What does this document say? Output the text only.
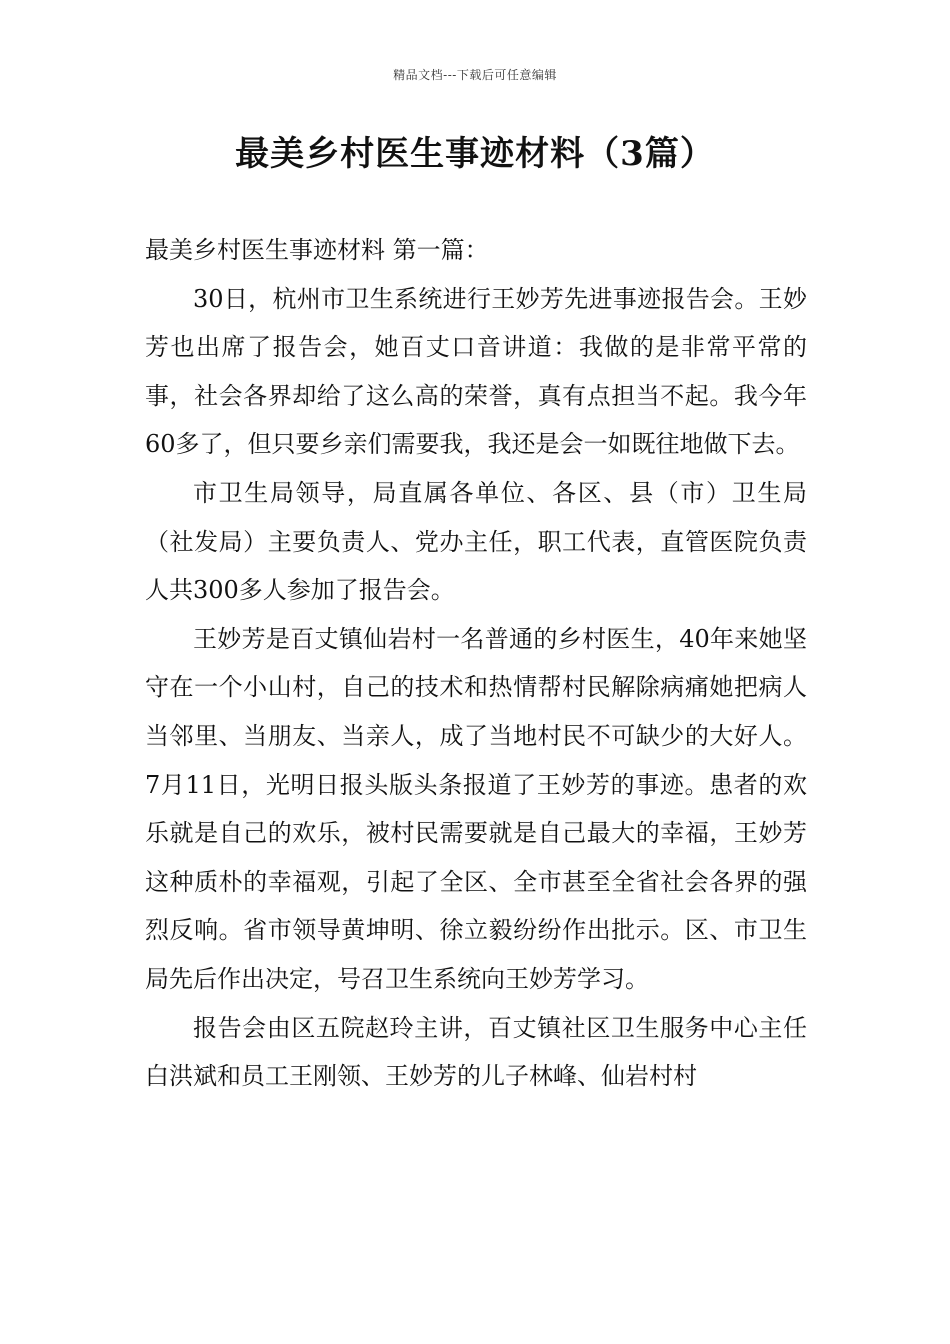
精品文档---下载后可任意编辑
最美乡村医生事迹材料（3篇）

最美乡村医生事迹材料 第一篇：

30日，杭州市卫生系统进行王妙芳先进事迹报告会。王妙芳也出席了报告会，她百丈口音讲道：我做的是非常平常的事，社会各界却给了这么高的荣誉，真有点担当不起。我今年60多了，但只要乡亲们需要我，我还是会一如既往地做下去。

市卫生局领导，局直属各单位、各区、县（市）卫生局（社发局）主要负责人、党办主任，职工代表，直管医院负责人共300多人参加了报告会。

王妙芳是百丈镇仙岩村一名普通的乡村医生，40年来她坚守在一个小山村，自己的技术和热情帮村民解除病痛她把病人当邻里、当朋友、当亲人，成了当地村民不可缺少的大好人。7月11日，光明日报头版头条报道了王妙芳的事迹。患者的欢乐就是自己的欢乐，被村民需要就是自己最大的幸福，王妙芳这种质朴的幸福观，引起了全区、全市甚至全省社会各界的强烈反响。省市领导黄坤明、徐立毅纷纷作出批示。区、市卫生局先后作出决定，号召卫生系统向王妙芳学习。

报告会由区五院赵玲主讲，百丈镇社区卫生服务中心主任白洪斌和员工王刚领、王妙芳的儿子林峰、仙岩村村
